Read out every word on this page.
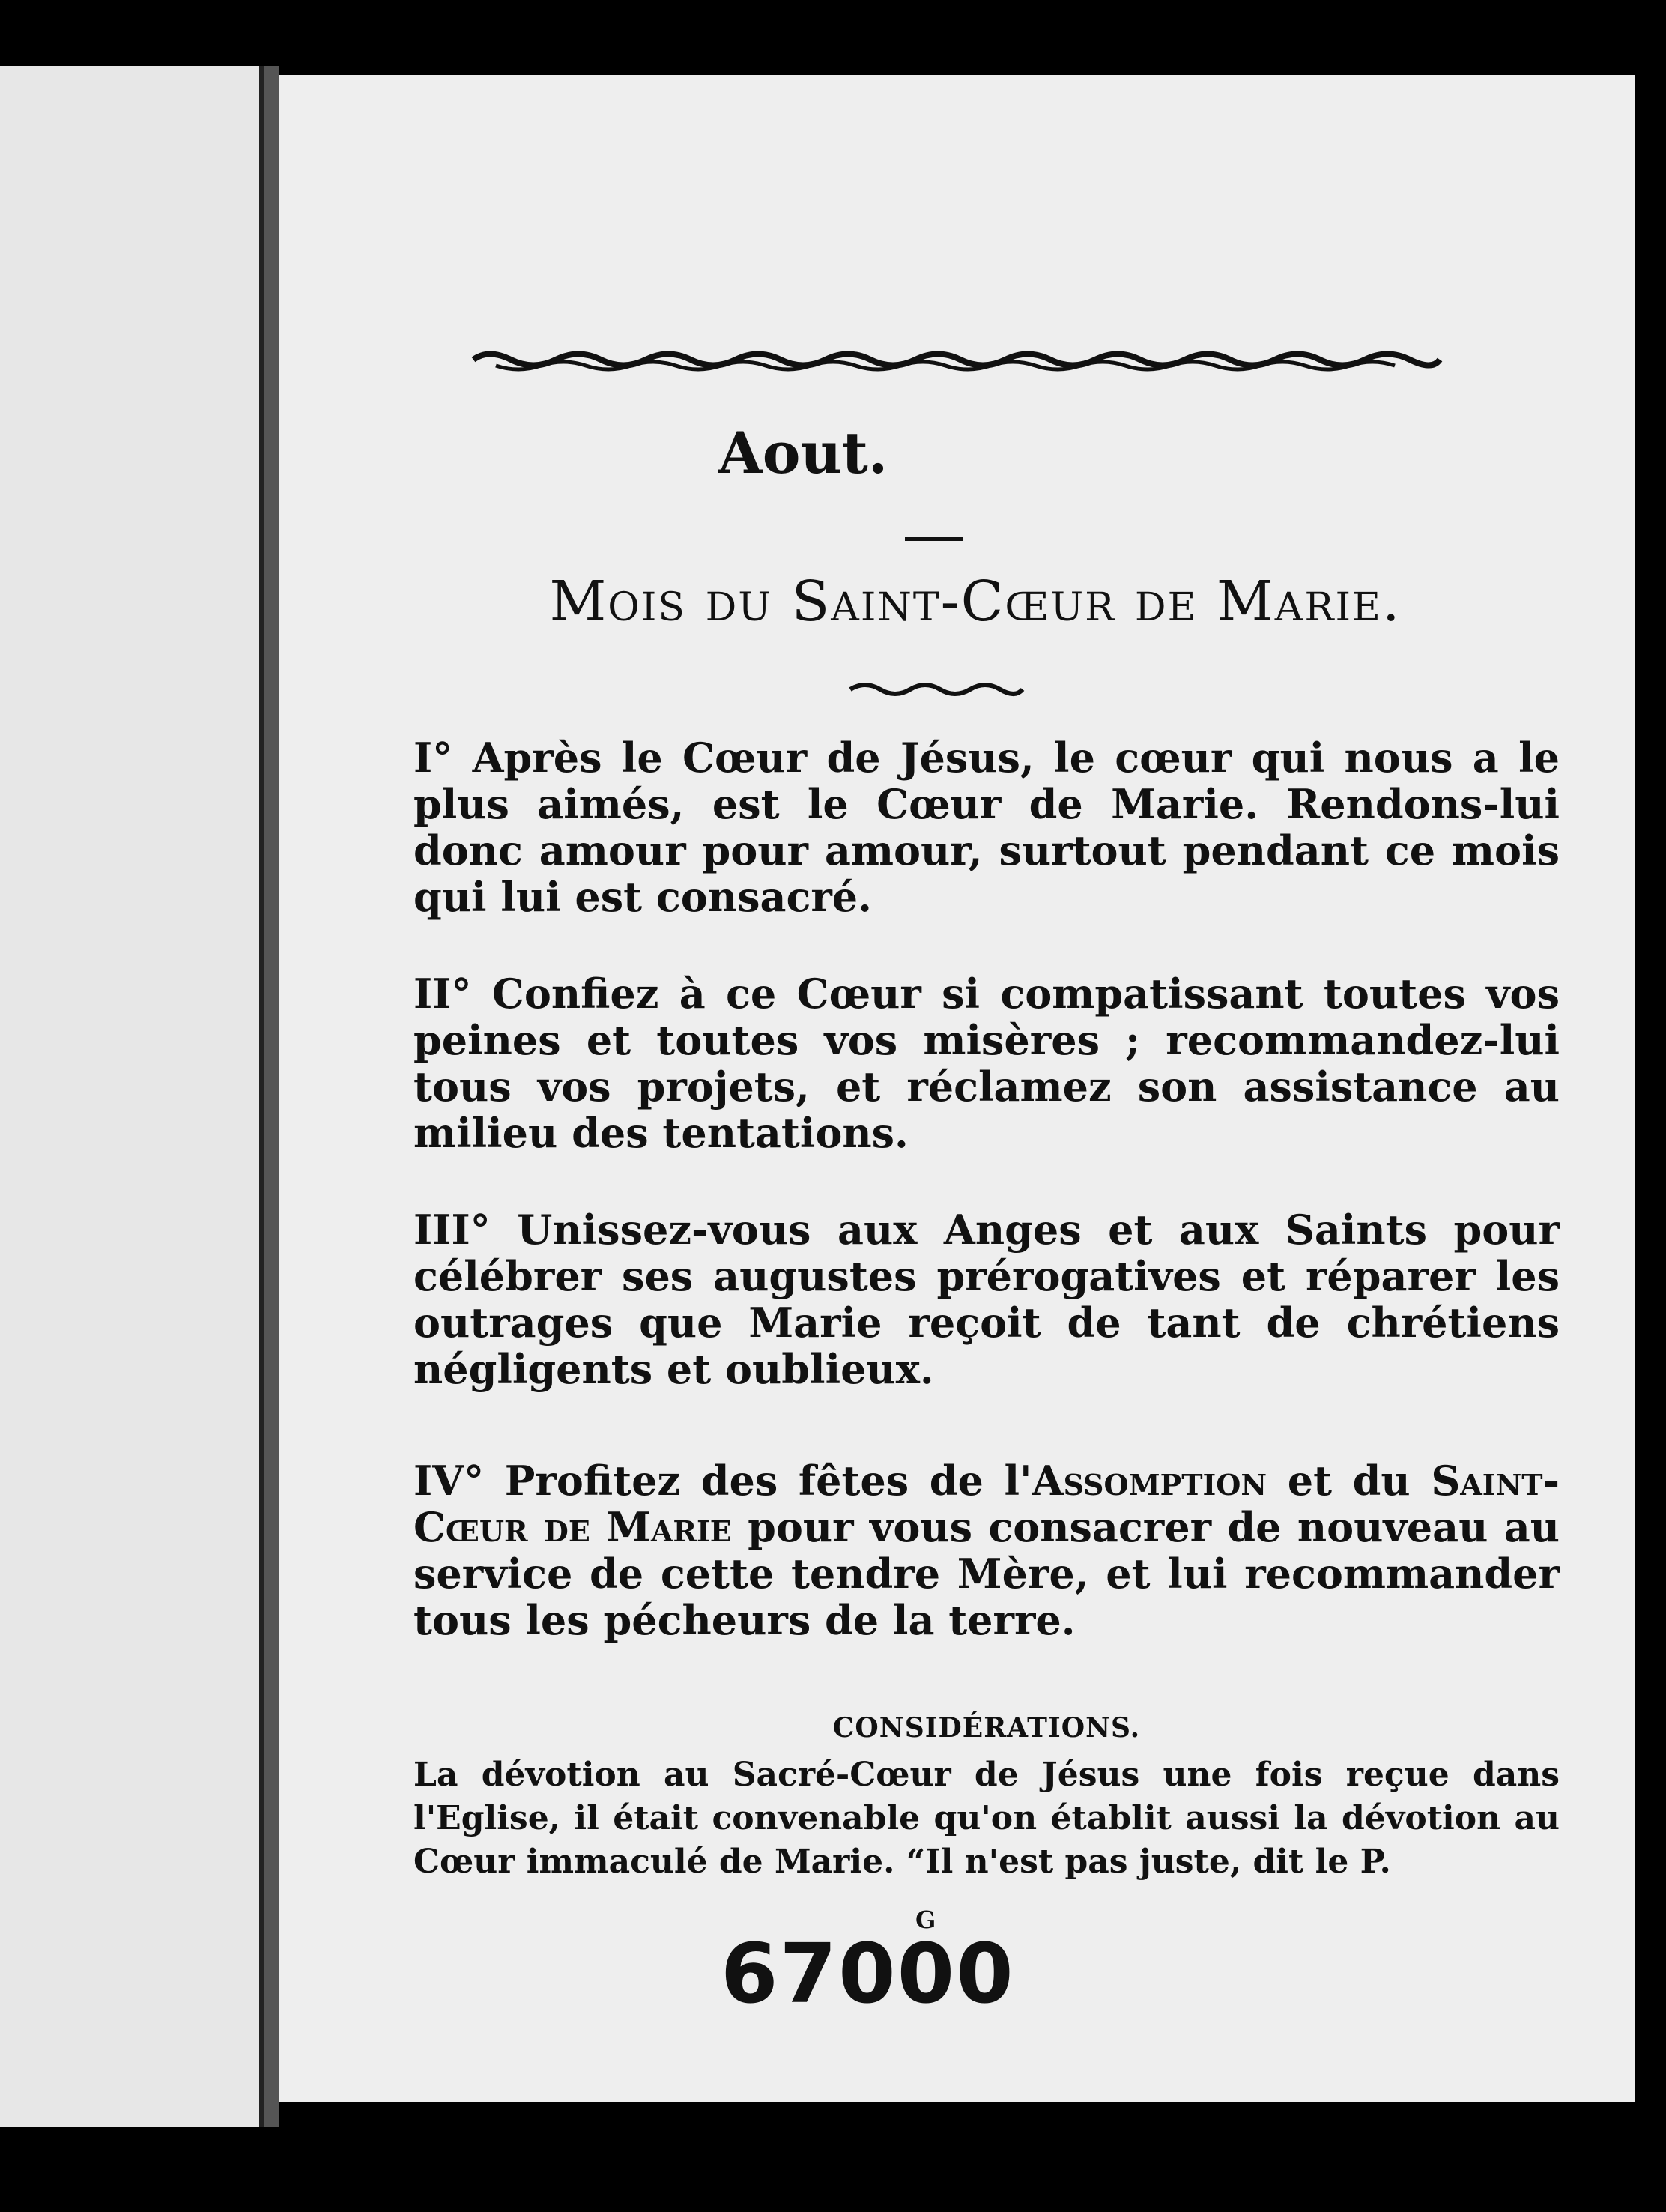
Aout.
Mois du Saint-Cœur de Marie.
I° Après le Cœur de Jésus, le cœur qui nous a le plus aimés, est le Cœur de Marie. Rendons-lui donc amour pour amour, surtout pendant ce mois qui lui est consacré.
II° Confiez à ce Cœur si compatissant toutes vos peines et toutes vos misères ; recommandez-lui tous vos projets, et réclamez son assistance au milieu des tentations.
III° Unissez-vous aux Anges et aux Saints pour célébrer ses augustes prérogatives et réparer les outrages que Marie reçoit de tant de chrétiens négligents et oublieux.
IV° Profitez des fêtes de l'Assomption et du Saint-Cœur de Marie pour vous consacrer de nouveau au service de cette tendre Mère, et lui recommander tous les pécheurs de la terre.
CONSIDÉRATIONS.
La dévotion au Sacré-Cœur de Jésus une fois reçue dans l'Eglise, il était convenable qu'on établit aussi la dévotion au Cœur immaculé de Marie. “Il n'est pas juste, dit le P.
G
67000
